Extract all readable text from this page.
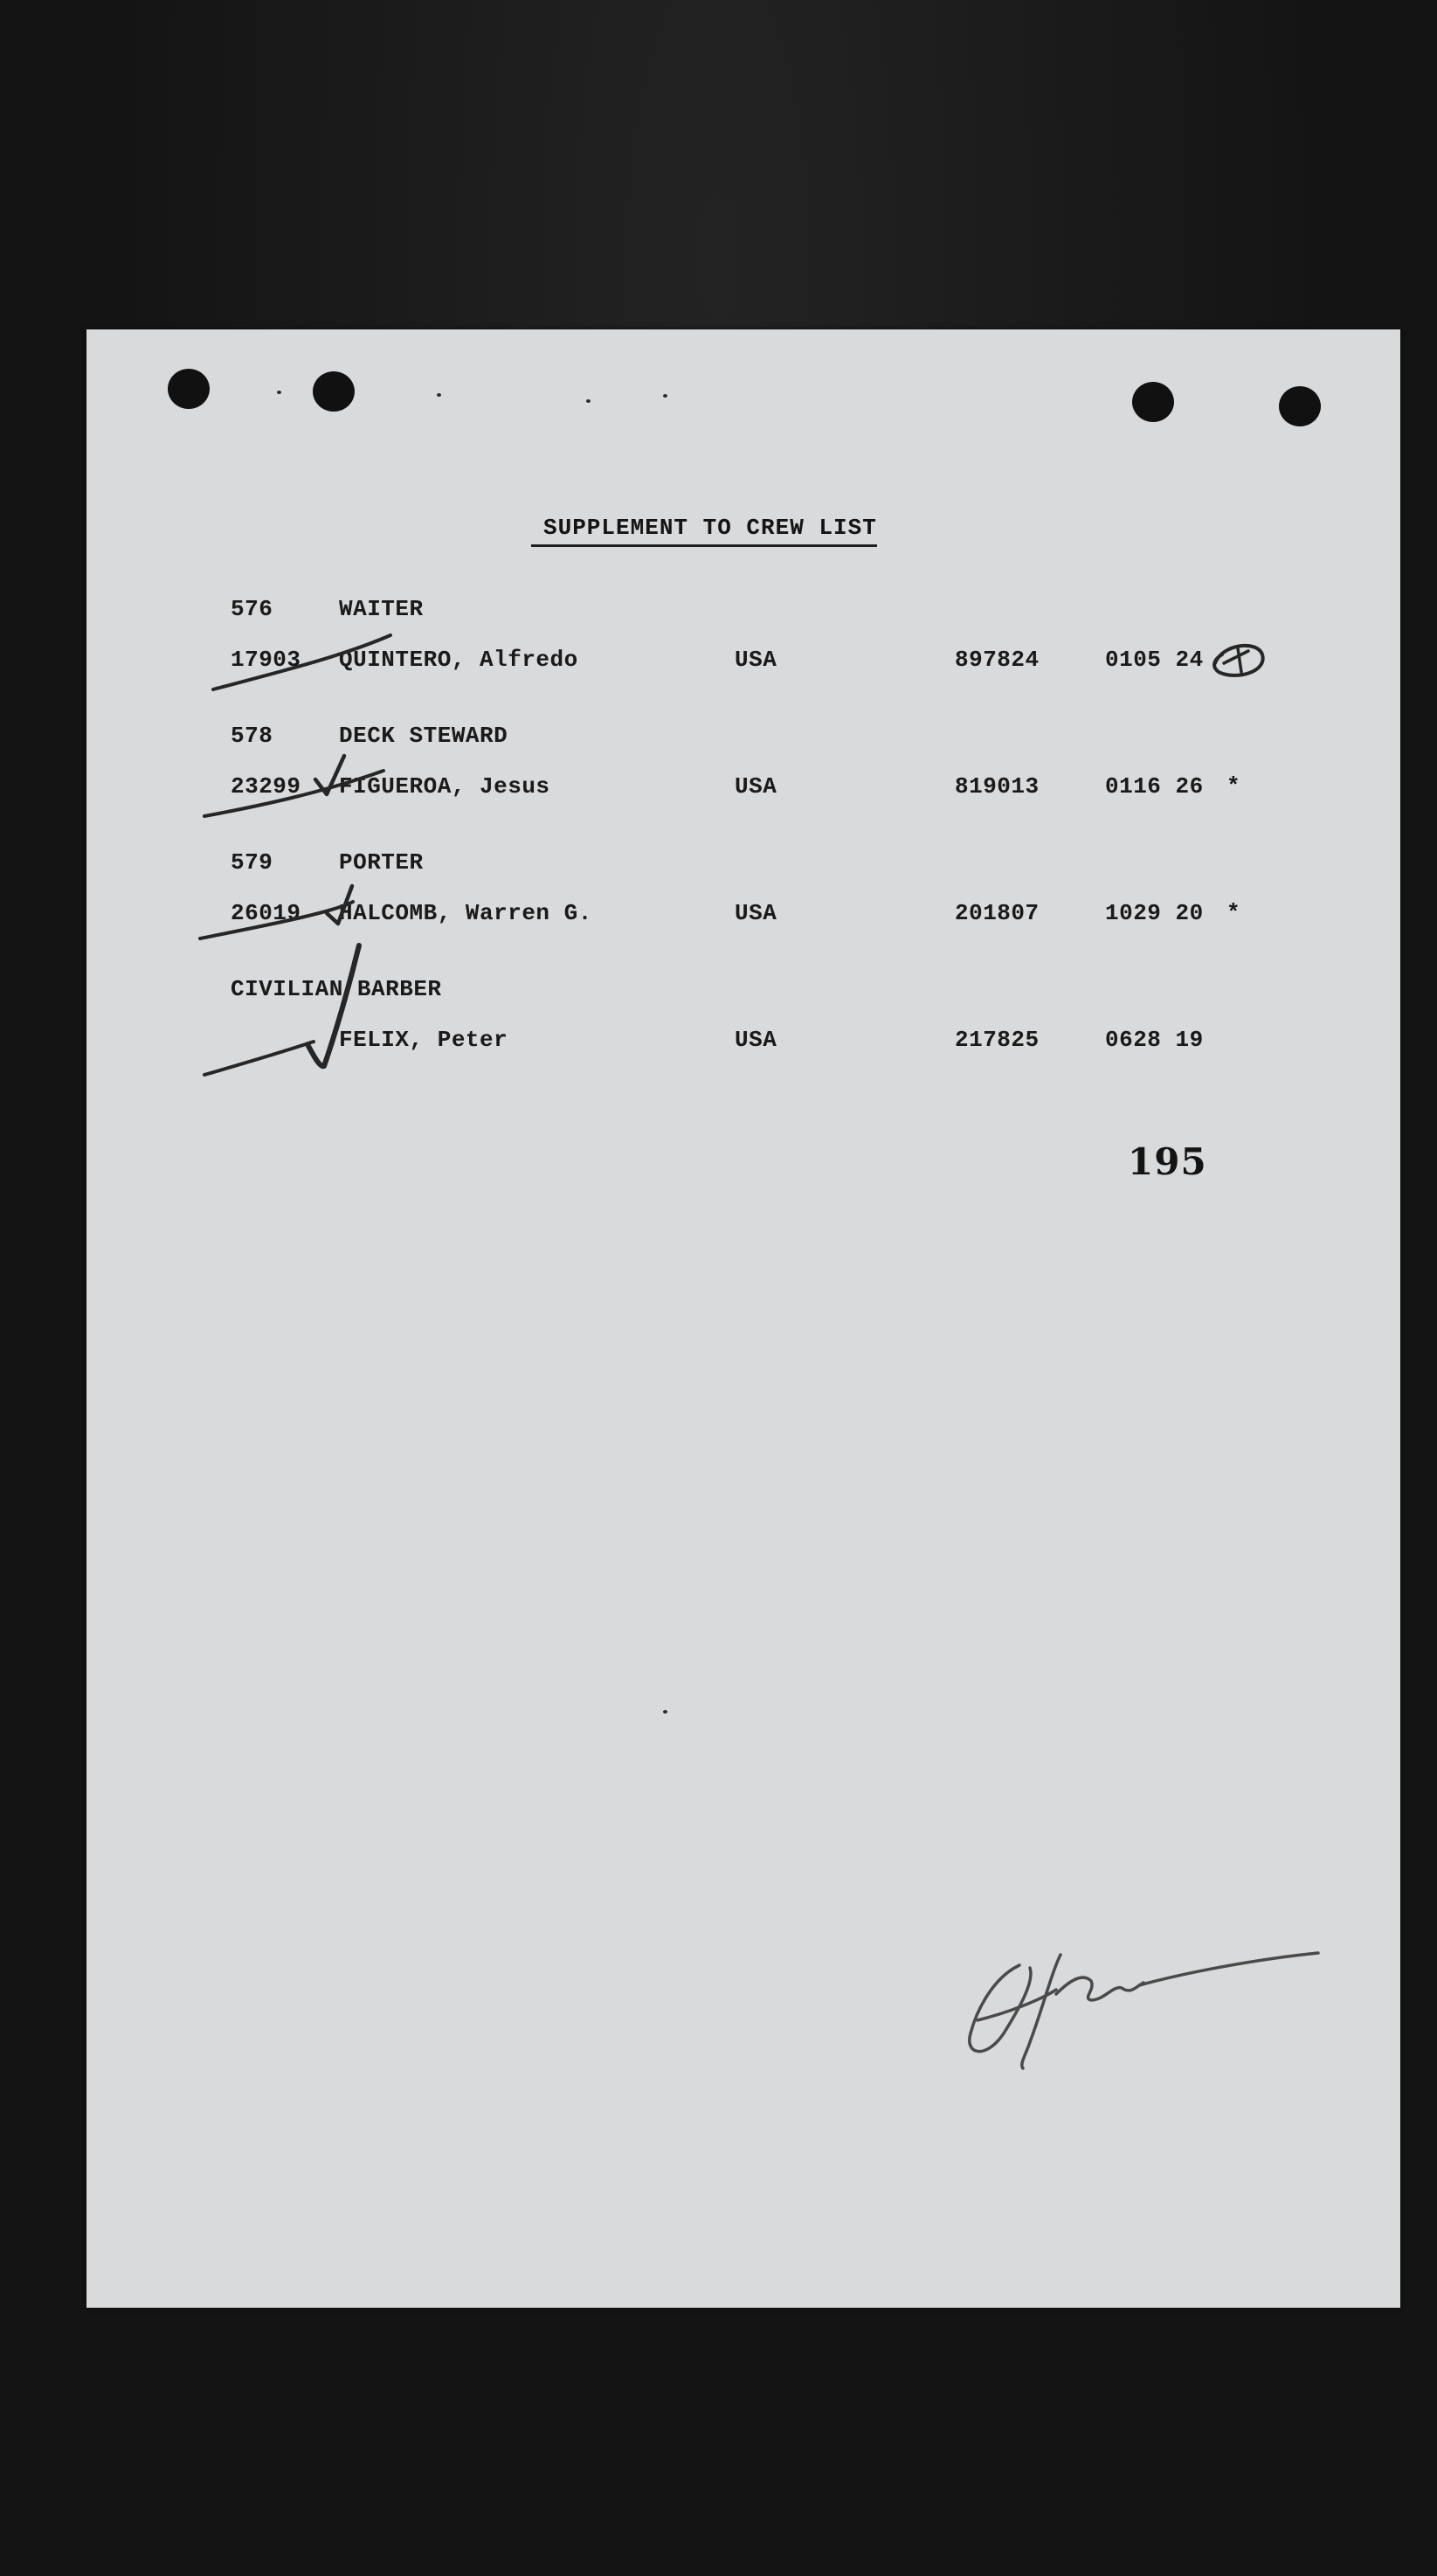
SUPPLEMENT TO CREW LIST
576	WAITER
17903 QUINTERO, Alfredo	USA	897824	0105 24
578	DECK STEWARD
23299 FIGUEROA, Jesus	USA	819013	0116 26 *
579	PORTER
26019 HALCOMB, Warren G.	USA	201807	1029 20 *
CIVILIAN BARBER
FELIX, Peter	USA	217825	0628 19
195
